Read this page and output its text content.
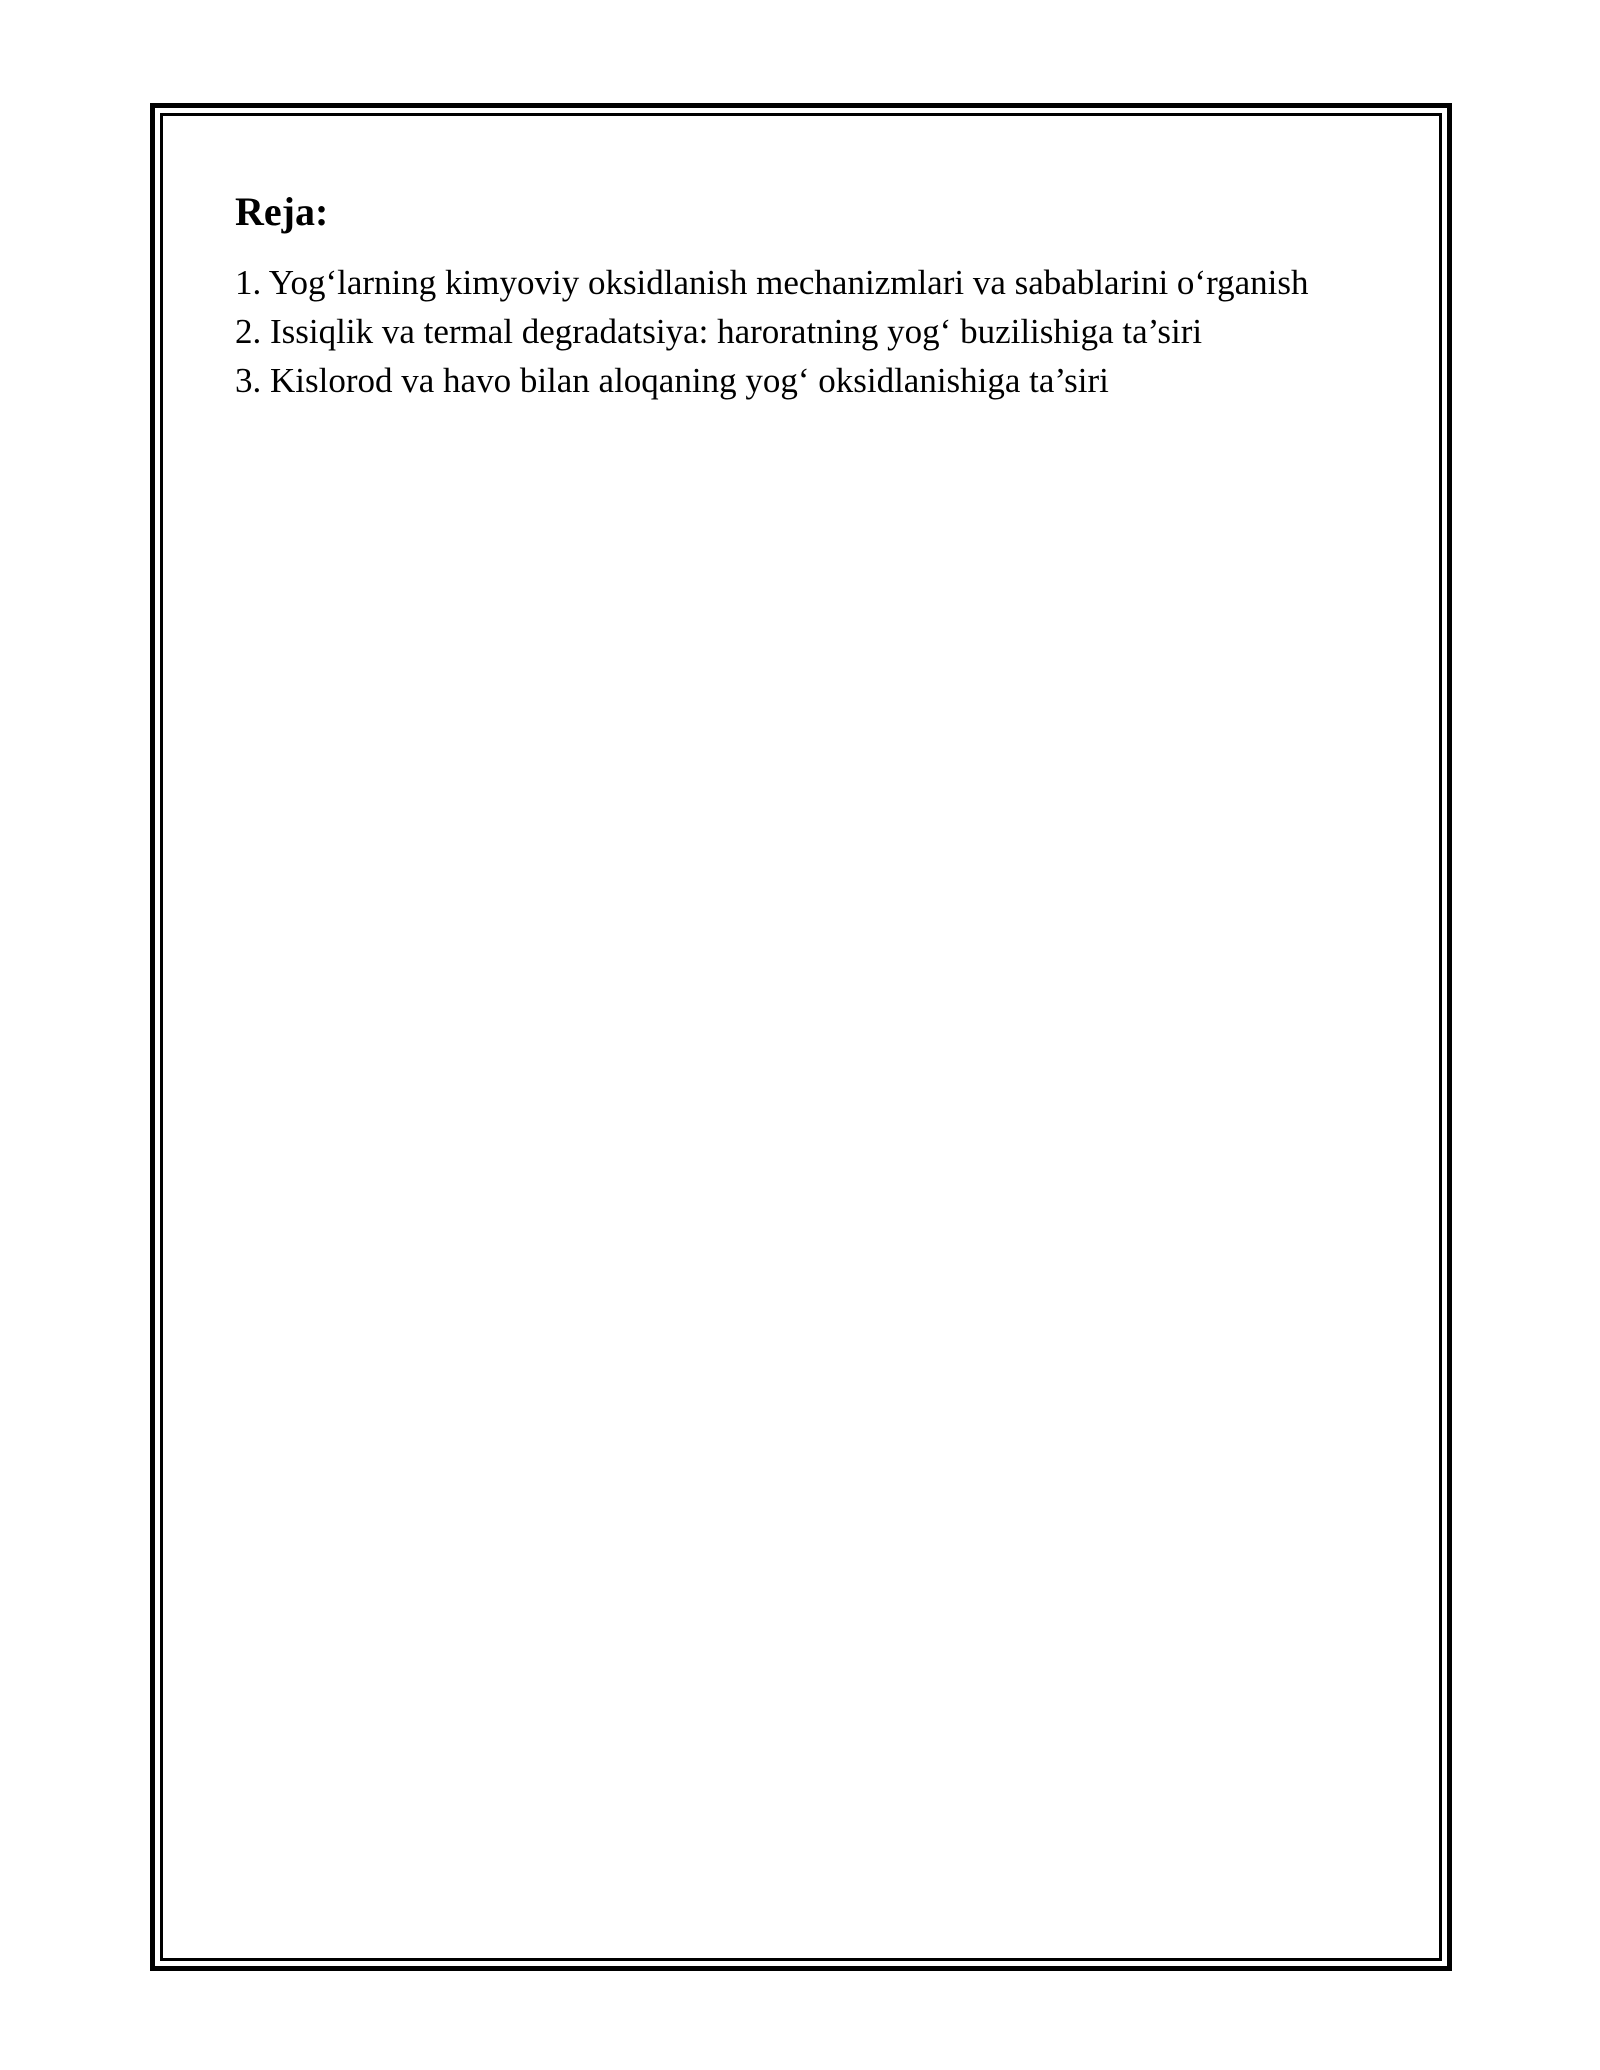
Reja:
1. Yog‘larning kimyoviy oksidlanish mechanizmlari va sabablarini o‘rganish
2. Issiqlik va termal degradatsiya: haroratning yog‘ buzilishiga ta’siri
3. Kislorod va havo bilan aloqaning yog‘ oksidlanishiga ta’siri
